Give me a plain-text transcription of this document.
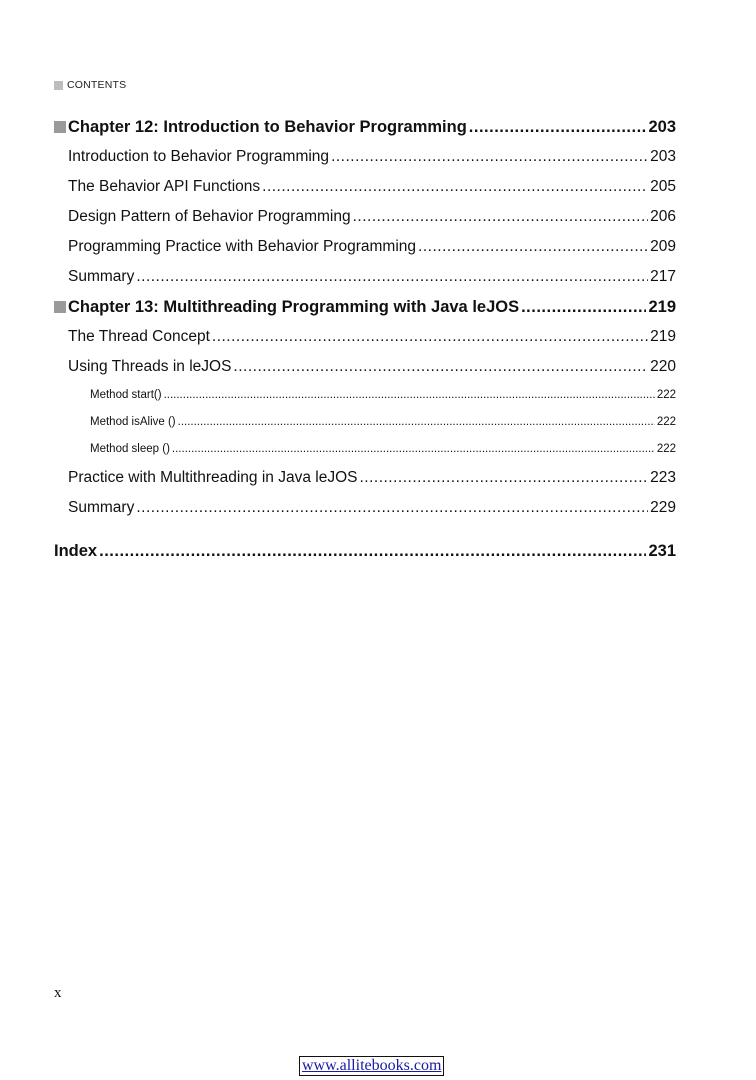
CONTENTS
Chapter 12: Introduction to Behavior Programming .....	203
Introduction to Behavior Programming .....	203
The Behavior API Functions .....	205
Design Pattern of Behavior Programming .....	206
Programming Practice with Behavior Programming .....	209
Summary .....	217
Chapter 13: Multithreading Programming with Java leJOS .....	219
The Thread Concept .....	219
Using Threads in leJOS .....	220
Method start() .....	222
Method isAlive () .....	222
Method sleep () .....	222
Practice with Multithreading in Java leJOS .....	223
Summary .....	229
Index .....	231
x
www.allitebooks.com
